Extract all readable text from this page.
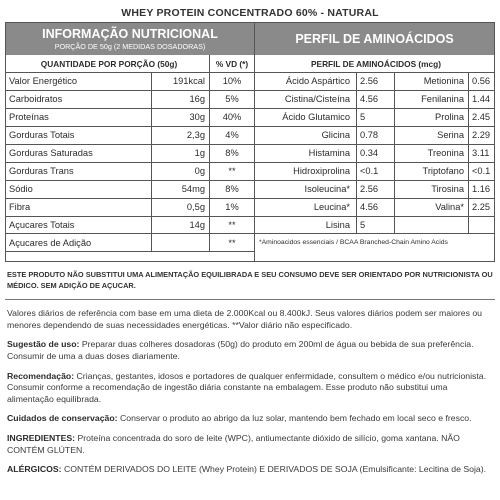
WHEY PROTEIN CONCENTRADO 60% - NATURAL
INFORMAÇÃO NUTRICIONAL
PORÇÃO DE 50g (2 MEDIDAS DOSADORAS)
QUANTIDADE POR PORÇÃO (50g)		% VD (*)
Valor Energético	191kcal	10%
Carboidratos	16g	5%
Proteínas	30g	40%
Gorduras Totais	2,3g	4%
Gorduras Saturadas	1g	8%
Gorduras Trans	0g	**
Sódio	54mg	8%
Fibra	0,5g	1%
Açucares Totais	14g	**
Açucares de Adição		**
PERFIL DE AMINOÁCIDOS
PERFIL DE AMINOÁCIDOS (mcg)			
Ácido Aspártico	2.56	Metionina	0.56
Cistina/Cisteína	4.56	Fenilanina	1.44
Ácido Glutamico	5	Prolina	2.45
Glicina	0.78	Serina	2.29
Histamina	0.34	Treonina	3.11
Hidroxiprolina	<0.1	Triptofano	<0.1
Isoleucina*	2.56	Tirosina	1.16
Leucina*	4.56	Valina*	2.25
Lisina	5		
*Aminoacidos essenciais / BCAA Branched-Chain Amino Acids			
ESTE PRODUTO NÃO SUBSTITUI UMA ALIMENTAÇÃO EQUILIBRADA E SEU CONSUMO DEVE SER ORIENTADO POR NUTRICIONISTA OU MÉDICO. SEM ADIÇÃO DE AÇUCAR.
Valores diários de referência com base em uma dieta de 2.000Kcal ou 8.400kJ. Seus valores diários podem ser maiores ou menores dependendo de suas necessidades energéticas. **Valor diário não especificado.
Sugestão de uso: Preparar duas colheres dosadoras (50g) do produto em 200ml de água ou bebida de sua preferência. Consumir de uma a duas doses diariamente.
Recomendação: Crianças, gestantes, idosos e portadores de qualquer enfermidade, consultem o médico e/ou nutricionista. Consumir conforme a recomendação de ingestão diária constante na embalagem. Esse produto não substitui uma alimentação equilibrada.
Cuidados de conservação: Conservar o produto ao abrigo da luz solar, mantendo bem fechado em local seco e fresco.
INGREDIENTES: Proteína concentrada do soro de leite (WPC), antiumectante dióxido de silício, goma xantana. NÃO CONTÉM GLÚTEN.
ALÉRGICOS: CONTÉM DERIVADOS DO LEITE (Whey Protein) E DERIVADOS DE SOJA (Emulsificante: Lecitina de Soja).
